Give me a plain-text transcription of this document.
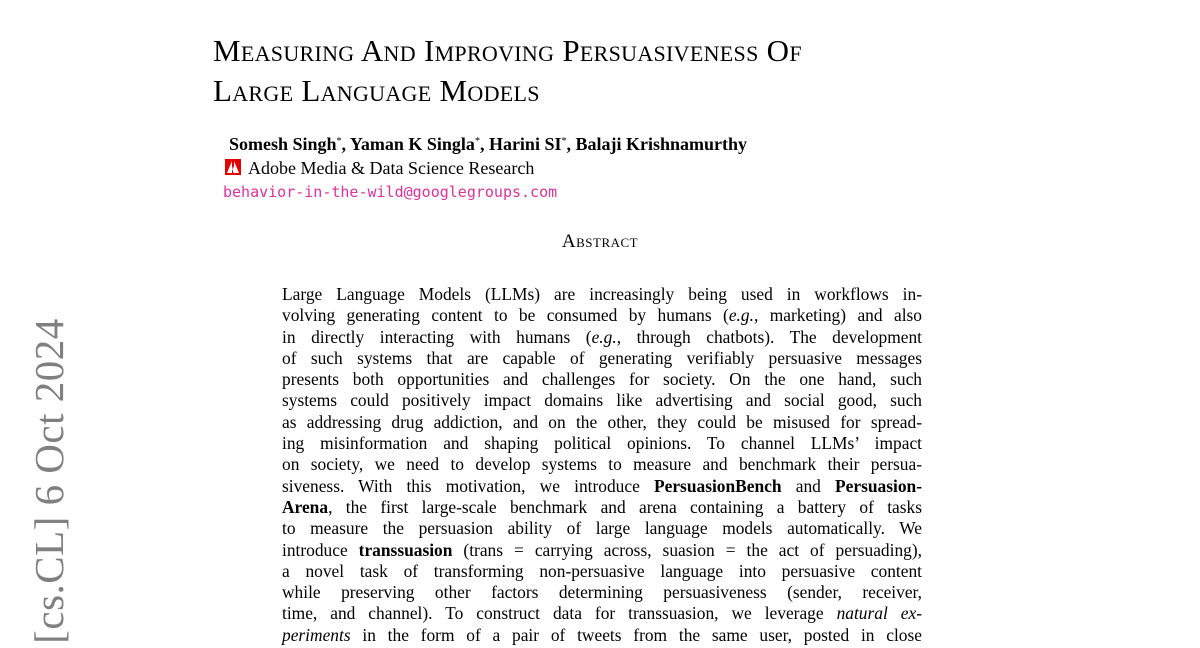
[cs.CL] 6 Oct 2024
Measuring And Improving Persuasiveness Of
Large Language Models
Somesh Singh*, Yaman K Singla*, Harini SI*, Balaji Krishnamurthy
Adobe Media & Data Science Research
behavior-in-the-wild@googlegroups.com
Abstract
Large Language Models (LLMs) are increasingly being used in workflows in-
volving generating content to be consumed by humans (e.g., marketing) and also
in directly interacting with humans (e.g., through chatbots). The development
of such systems that are capable of generating verifiably persuasive messages
presents both opportunities and challenges for society. On the one hand, such
systems could positively impact domains like advertising and social good, such
as addressing drug addiction, and on the other, they could be misused for spread-
ing misinformation and shaping political opinions. To channel LLMs’ impact
on society, we need to develop systems to measure and benchmark their persua-
siveness. With this motivation, we introduce PersuasionBench and Persuasion-
Arena, the first large-scale benchmark and arena containing a battery of tasks
to measure the persuasion ability of large language models automatically. We
introduce transsuasion (trans = carrying across, suasion = the act of persuading),
a novel task of transforming non-persuasive language into persuasive content
while preserving other factors determining persuasiveness (sender, receiver,
time, and channel). To construct data for transsuasion, we leverage natural ex-
periments in the form of a pair of tweets from the same user, posted in close
